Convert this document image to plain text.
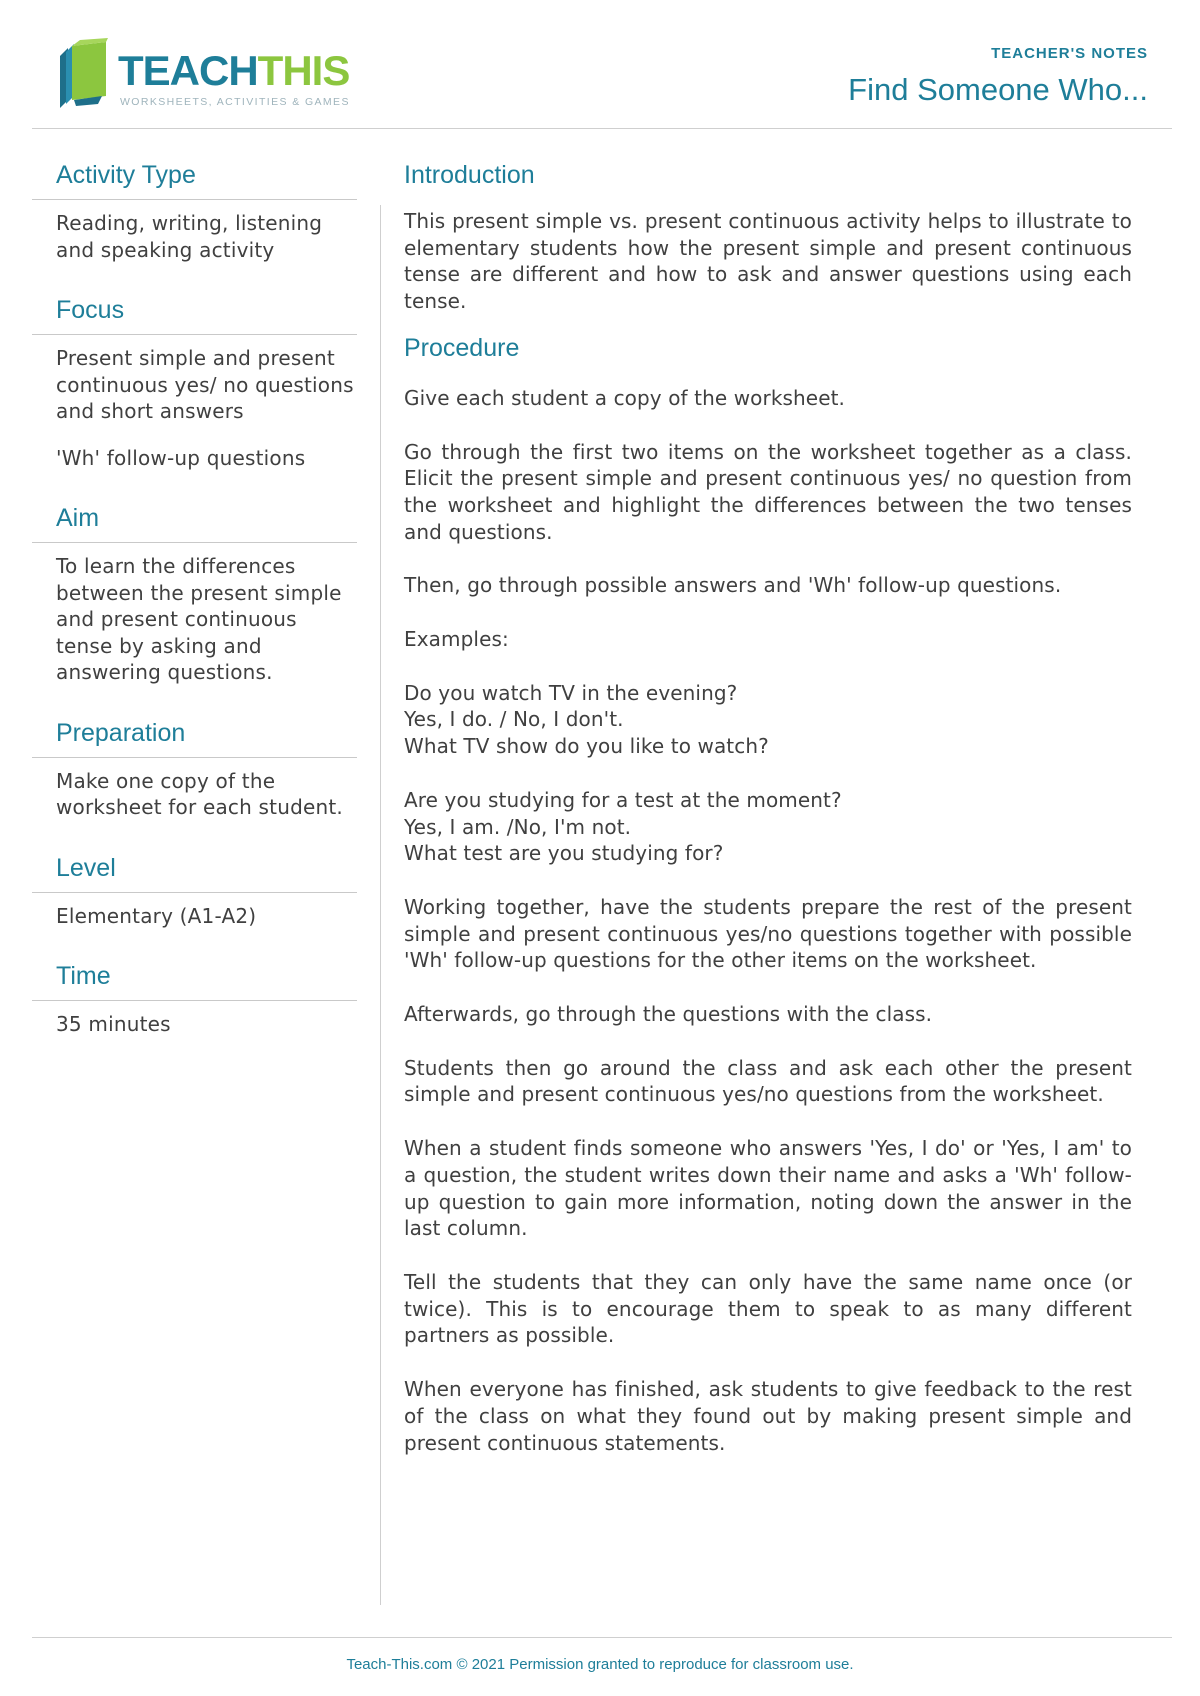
TEACHTHIS
WORKSHEETS, ACTIVITIES & GAMES
TEACHER'S NOTES
Find Someone Who...
Activity Type

Reading, writing, listening and speaking activity

Focus

Present simple and present continuous yes/ no questions and short answers

'Wh' follow-up questions

Aim

To learn the differences between the present simple and present continuous tense by asking and answering questions.

Preparation

Make one copy of the worksheet for each student.

Level

Elementary (A1-A2)

Time

35 minutes

Introduction

This present simple vs. present continuous activity helps to illustrate to elementary students how the present simple and present continuous tense are different and how to ask and answer questions using each tense.

Procedure

Give each student a copy of the worksheet.

Go through the first two items on the worksheet together as a class. Elicit the present simple and present continuous yes/ no question from the worksheet and highlight the differences between the two tenses and questions.

Then, go through possible answers and 'Wh' follow-up questions.

Examples:

Do you watch TV in the evening?

Yes, I do. / No, I don't.

What TV show do you like to watch?

Are you studying for a test at the moment?

Yes, I am. /No, I'm not.

What test are you studying for?

Working together, have the students prepare the rest of the present simple and present continuous yes/no questions together with possible 'Wh' follow-up questions for the other items on the worksheet.

Afterwards, go through the questions with the class.

Students then go around the class and ask each other the present simple and present continuous yes/no questions from the worksheet.

When a student finds someone who answers 'Yes, I do' or 'Yes, I am' to a question, the student writes down their name and asks a 'Wh' follow-up question to gain more information, noting down the answer in the last column.

Tell the students that they can only have the same name once (or twice). This is to encourage them to speak to as many different partners as possible.

When everyone has finished, ask students to give feedback to the rest of the class on what they found out by making present simple and present continuous statements.

Teach-This.com © 2021 Permission granted to reproduce for classroom use.
